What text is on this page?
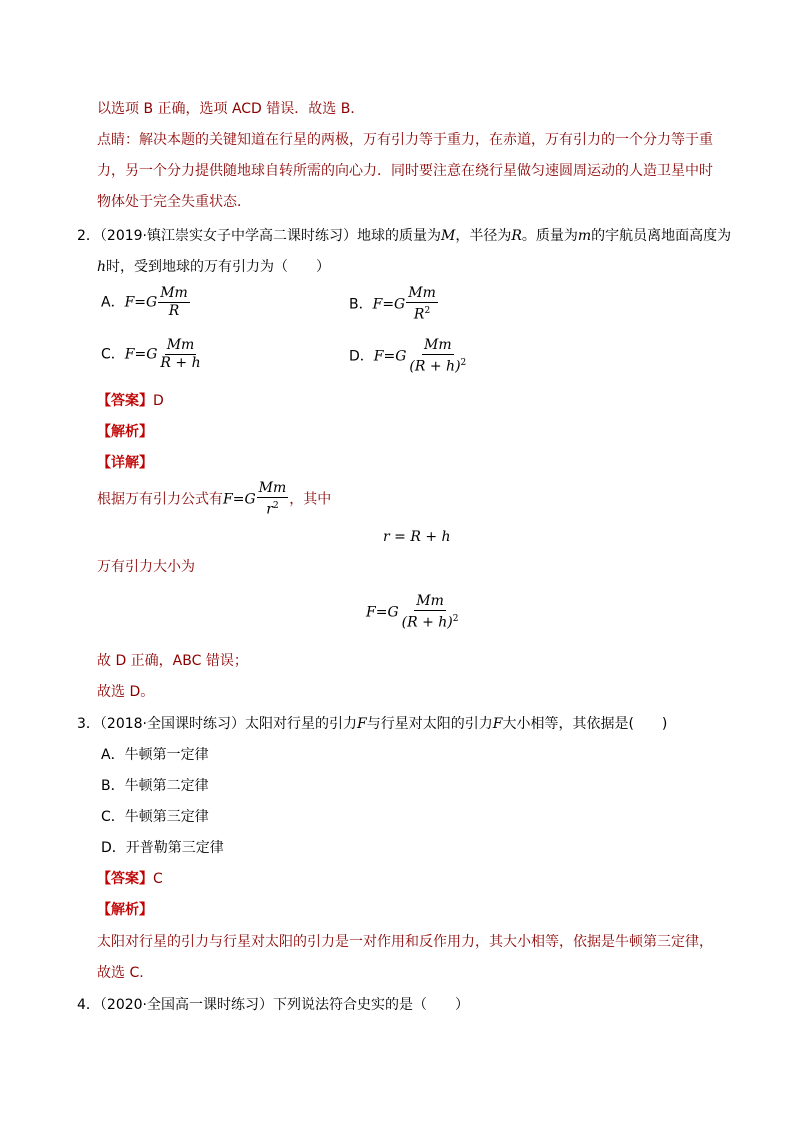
以选项 B 正确，选项 ACD 错误．故选 B．
点睛：解决本题的关键知道在行星的两极，万有引力等于重力，在赤道，万有引力的一个分力等于重
力，另一个分力提供随地球自转所需的向心力．同时要注意在绕行星做匀速圆周运动的人造卫星中时
物体处于完全失重状态．
2．（2019·镇江崇实女子中学高二课时练习）地球的质量为M，半径为R。质量为m的宇航员离地面高度为
h时，受到地球的万有引力为（　　）
A．$F=G \frac{Mm}{R}$	B．$F=G \frac{Mm}{R^2}$
C．$F=G \frac{Mm}{R + h}$	D．$F=G \frac{Mm}{(R + h)^2}$
【答案】D
【解析】
【详解】
根据万有引力公式有$F=G \frac{Mm}{r^2}$ ，其中
r = R + h
万有引力大小为
$F=G \frac{Mm}{(R + h)^2}$
故 D 正确，ABC 错误；
故选 D。
3．（2018·全国课时练习）太阳对行星的引力F与行星对太阳的引力F大小相等，其依据是(　　)
A．牛顿第一定律
B．牛顿第二定律
C．牛顿第三定律
D．开普勒第三定律
【答案】C
【解析】
太阳对行星的引力与行星对太阳的引力是一对作用和反作用力，其大小相等，依据是牛顿第三定律，
故选 C.
4．（2020·全国高一课时练习）下列说法符合史实的是（　　）
